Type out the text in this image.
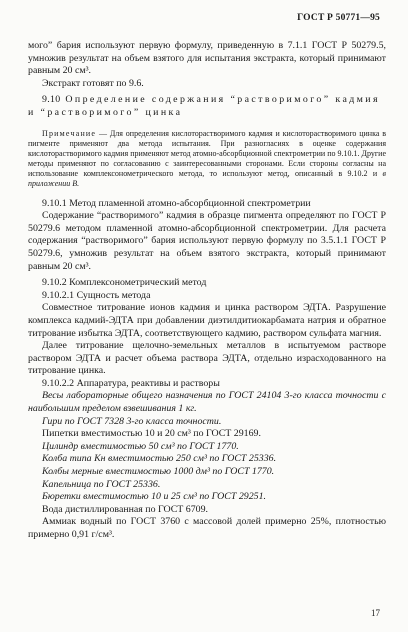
ГОСТ Р 50771—95

мого” бария используют первую формулу, приведенную в 7.1.1 ГОСТ Р 50279.5, умножив результат на объем взятого для испытания экстракта, который принимают равным 20 см³.

Экстракт готовят по 9.6.

9.10 Определение содержания “растворимого” кадмия и “растворимого” цинка

Примечание — Для определения кислоторастворимого кадмия и кислоторастворимого цинка в пигменте применяют два метода испытания. При разногласиях в оценке содержания кислоторастворимого кадмия применяют метод атомно-абсорбционной спектрометрии по 9.10.1. Другие методы применяют по согласованию с заинтересованными сторонами. Если стороны согласны на использование комплексонометрического метода, то используют метод, описанный в 9.10.2 и в приложении В.

9.10.1 Метод пламенной атомно-абсорбционной спектрометрии

Содержание “растворимого” кадмия в образце пигмента определяют по ГОСТ Р 50279.6 методом пламенной атомно-абсорбционной спектрометрии. Для расчета содержания “растворимого” бария используют первую формулу по 3.5.1.1 ГОСТ Р 50279.6, умножив результат на объем взятого экстракта, который принимают равным 20 см³.

9.10.2 Комплексонометрический метод

9.10.2.1 Сущность метода

Совместное титрование ионов кадмия и цинка раствором ЭДТА. Разрушение комплекса кадмий-ЭДТА при добавлении диэтилдитиокарбамата натрия и обратное титрование избытка ЭДТА, соответствующего кадмию, раствором сульфата магния.

Далее титрование щелочно-земельных металлов в испытуемом растворе раствором ЭДТА и расчет объема раствора ЭДТА, отдельно израсходованного на титрование цинка.

9.10.2.2 Аппаратура, реактивы и растворы

Весы лабораторные общего назначения по ГОСТ 24104 3-го класса точности с наибольшим пределом взвешивания 1 кг.

Гири по ГОСТ 7328 3-го класса точности.

Пипетки вместимостью 10 и 20 см³ по ГОСТ 29169.

Цилиндр вместимостью 50 см³ по ГОСТ 1770.

Колба типа Кн вместимостью 250 см³ по ГОСТ 25336.

Колбы мерные вместимостью 1000 дм³ по ГОСТ 1770.

Капельница по ГОСТ 25336.

Бюретки вместимостью 10 и 25 см³ по ГОСТ 29251.

Вода дистиллированная по ГОСТ 6709.

Аммиак водный по ГОСТ 3760 с массовой долей примерно 25%, плотностью примерно 0,91 г/см³.

17
